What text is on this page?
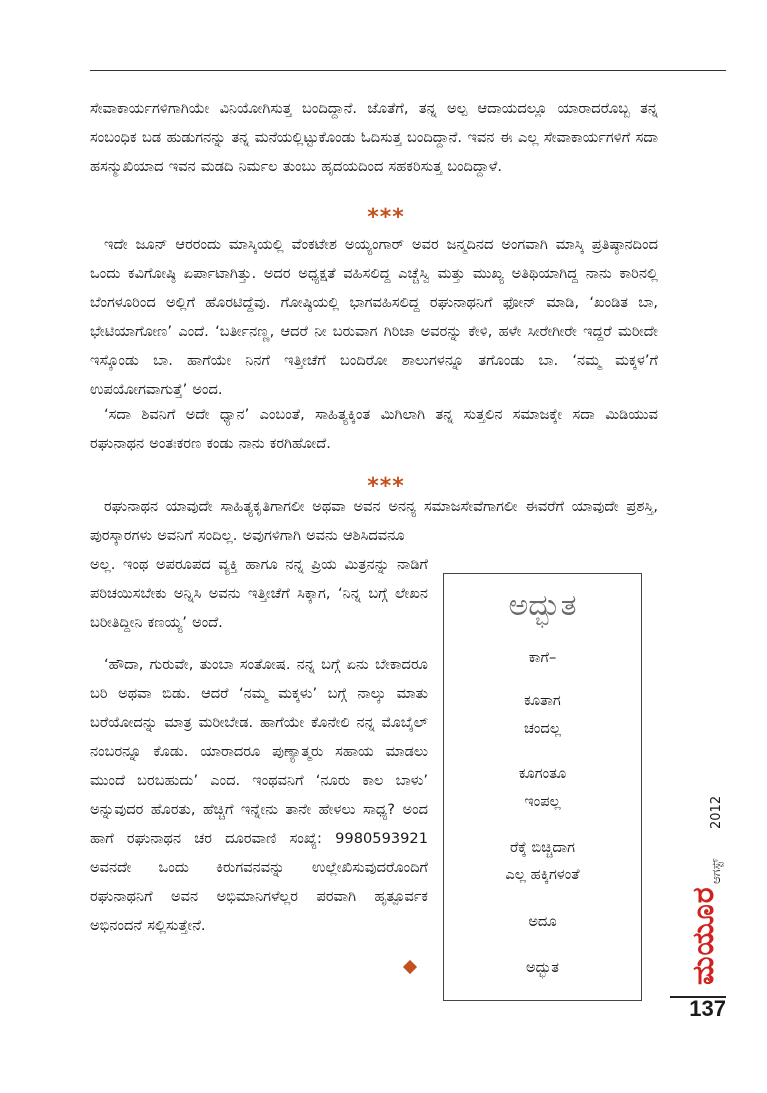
ಸೇವಾಕಾರ್ಯಗಳಿಗಾಗಿಯೇ ವಿನಿಯೋಗಿಸುತ್ತ ಬಂದಿದ್ದಾನೆ. ಜೊತೆಗೆ, ತನ್ನ ಅಲ್ಪ ಆದಾಯದಲ್ಲೂ ಯಾರಾದರೊಬ್ಬ ತನ್ನ ಸಂಬಂಧಿಕ ಬಡ ಹುಡುಗನನ್ನು ತನ್ನ ಮನೆಯಲ್ಲಿಟ್ಟುಕೊಂಡು ಓದಿಸುತ್ತ ಬಂದಿದ್ದಾನೆ. ಇವನ ಈ ಎಲ್ಲ ಸೇವಾಕಾರ್ಯಗಳಿಗೆ ಸದಾ ಹಸನ್ಮುಖಿಯಾದ ಇವನ ಮಡದಿ ನಿರ್ಮಲ ತುಂಬು ಹೃದಯದಿಂದ ಸಹಕರಿಸುತ್ತ ಬಂದಿದ್ದಾಳೆ.

***

ಇದೇ ಜೂನ್ ಆರರಂದು ಮಾಸ್ಕಿಯಲ್ಲಿ ವೆಂಕಟೇಶ ಅಯ್ಯಂಗಾರ್ ಅವರ ಜನ್ಮದಿನದ ಅಂಗವಾಗಿ ಮಾಸ್ಕಿ ಪ್ರತಿಷ್ಠಾನದಿಂದ ಒಂದು ಕವಿಗೋಷ್ಠಿ ಏರ್ಪಾಟಾಗಿತ್ತು. ಅದರ ಅಧ್ಯಕ್ಷತೆ ವಹಿಸಲಿದ್ದ ಎಚ್ಚೆಸ್ವಿ ಮತ್ತು ಮುಖ್ಯ ಅತಿಥಿಯಾಗಿದ್ದ ನಾನು ಕಾರಿನಲ್ಲಿ ಬೆಂಗಳೂರಿಂದ ಅಲ್ಲಿಗೆ ಹೊರಟಿದ್ದೆವು. ಗೋಷ್ಠಿಯಲ್ಲಿ ಭಾಗವಹಿಸಲಿದ್ದ ರಘುನಾಥನಿಗೆ ಫೋನ್ ಮಾಡಿ, ‘ಖಂಡಿತ ಬಾ, ಭೇಟಿಯಾಗೋಣ’ ಎಂದೆ. ‘ಬರ್ತೀನಣ್ಣ, ಆದರೆ ನೀ ಬರುವಾಗ ಗಿರಿಜಾ ಅವರನ್ನು ಕೇಳಿ, ಹಳೇ ಸೀರೇಗೀರೇ ಇದ್ದರೆ ಮರೀದೇ ಇಸ್ಕೊಂಡು ಬಾ. ಹಾಗೆಯೇ ನಿನಗೆ ಇತ್ತೀಚೆಗೆ ಬಂದಿರೋ ಶಾಲುಗಳನ್ನೂ ತಗೊಂಡು ಬಾ. ‘ನಮ್ಮ ಮಕ್ಕಳ’ಗೆ ಉಪಯೋಗವಾಗುತ್ತೆ’ ಅಂದ.

‘ಸದಾ ಶಿವನಿಗೆ ಅದೇ ಧ್ಯಾನ’ ಎಂಬಂತೆ, ಸಾಹಿತ್ಯಕ್ಕಿಂತ ಮಿಗಿಲಾಗಿ ತನ್ನ ಸುತ್ತಲಿನ ಸಮಾಜಕ್ಕೇ ಸದಾ ಮಿಡಿಯುವ ರಘುನಾಥನ ಅಂತಃಕರಣ ಕಂಡು ನಾನು ಕರಗಿಹೋದೆ.

***

ರಘುನಾಥನ ಯಾವುದೇ ಸಾಹಿತ್ಯಕೃತಿಗಾಗಲೀ ಅಥವಾ ಅವನ ಅನನ್ಯ ಸಮಾಜಸೇವೆಗಾಗಲೀ ಈವರೆಗೆ ಯಾವುದೇ ಪ್ರಶಸ್ತಿ, ಪುರಸ್ಕಾರಗಳು ಅವನಿಗೆ ಸಂದಿಲ್ಲ. ಅವುಗಳಿಗಾಗಿ ಅವನು ಆಶಿಸಿದವನೂ

ಅಲ್ಲ. ಇಂಥ ಅಪರೂಪದ ವ್ಯಕ್ತಿ ಹಾಗೂ ನನ್ನ ಪ್ರಿಯ ಮಿತ್ರನನ್ನು ನಾಡಿಗೆ ಪರಿಚಯಿಸಬೇಕು ಅನ್ನಿಸಿ ಅವನು ಇತ್ತೀಚೆಗೆ ಸಿಕ್ಕಾಗ, ‘ನಿನ್ನ ಬಗ್ಗೆ ಲೇಖನ ಬರೀತಿದ್ದೀನಿ ಕಣಯ್ಯ’ ಅಂದೆ.

‘ಹೌದಾ, ಗುರುವೇ, ತುಂಬಾ ಸಂತೋಷ. ನನ್ನ ಬಗ್ಗೆ ಏನು ಬೇಕಾದರೂ ಬರಿ ಅಥವಾ ಬಿಡು. ಆದರೆ ‘ನಮ್ಮ ಮಕ್ಕಳು’ ಬಗ್ಗೆ ನಾಲ್ಕು ಮಾತು ಬರೆಯೋದನ್ನು ಮಾತ್ರ ಮರೀಬೇಡ. ಹಾಗೆಯೇ ಕೊನೇಲಿ ನನ್ನ ಮೊಬೈಲ್ ನಂಬರನ್ನೂ ಕೊಡು. ಯಾರಾದರೂ ಪುಣ್ಯಾತ್ಮರು ಸಹಾಯ ಮಾಡಲು ಮುಂದೆ ಬರಬಹುದು’ ಎಂದ. ಇಂಥವನಿಗೆ ‘ನೂರು ಕಾಲ ಬಾಳು’ ಅನ್ನುವುದರ ಹೊರತು, ಹೆಚ್ಚಿಗೆ ಇನ್ನೇನು ತಾನೇ ಹೇಳಲು ಸಾಧ್ಯ? ಅಂದ ಹಾಗೆ ರಘುನಾಥನ ಚರ ದೂರವಾಣಿ ಸಂಖ್ಯೆ: 9980593921 ಅವನದೇ ಒಂದು ಕಿರುಗವನವನ್ನು ಉಲ್ಲೇಖಿಸುವುದರೊಂದಿಗೆ ರಘುನಾಥನಿಗೆ ಅವನ ಅಭಿಮಾನಿಗಳೆಲ್ಲರ ಪರವಾಗಿ ಹೃತ್ಪೂರ್ವಕ ಅಭಿನಂದನೆ ಸಲ್ಲಿಸುತ್ತೇನೆ.

ಅದ್ಭುತ
ಕಾಗೆ–
ಕೂತಾಗ
ಚಂದಲ್ಲ
ಕೂಗಂತೂ
ಇಂಪಲ್ಲ
ರೆಕ್ಕೆ ಬಿಚ್ಚಿದಾಗ
ಎಲ್ಲ ಹಕ್ಕಿಗಳಂತೆ
ಅದೂ
ಅದ್ಭುತ	ಮಯೂರ
ಆಗಸ್ಟ್
2012
137
